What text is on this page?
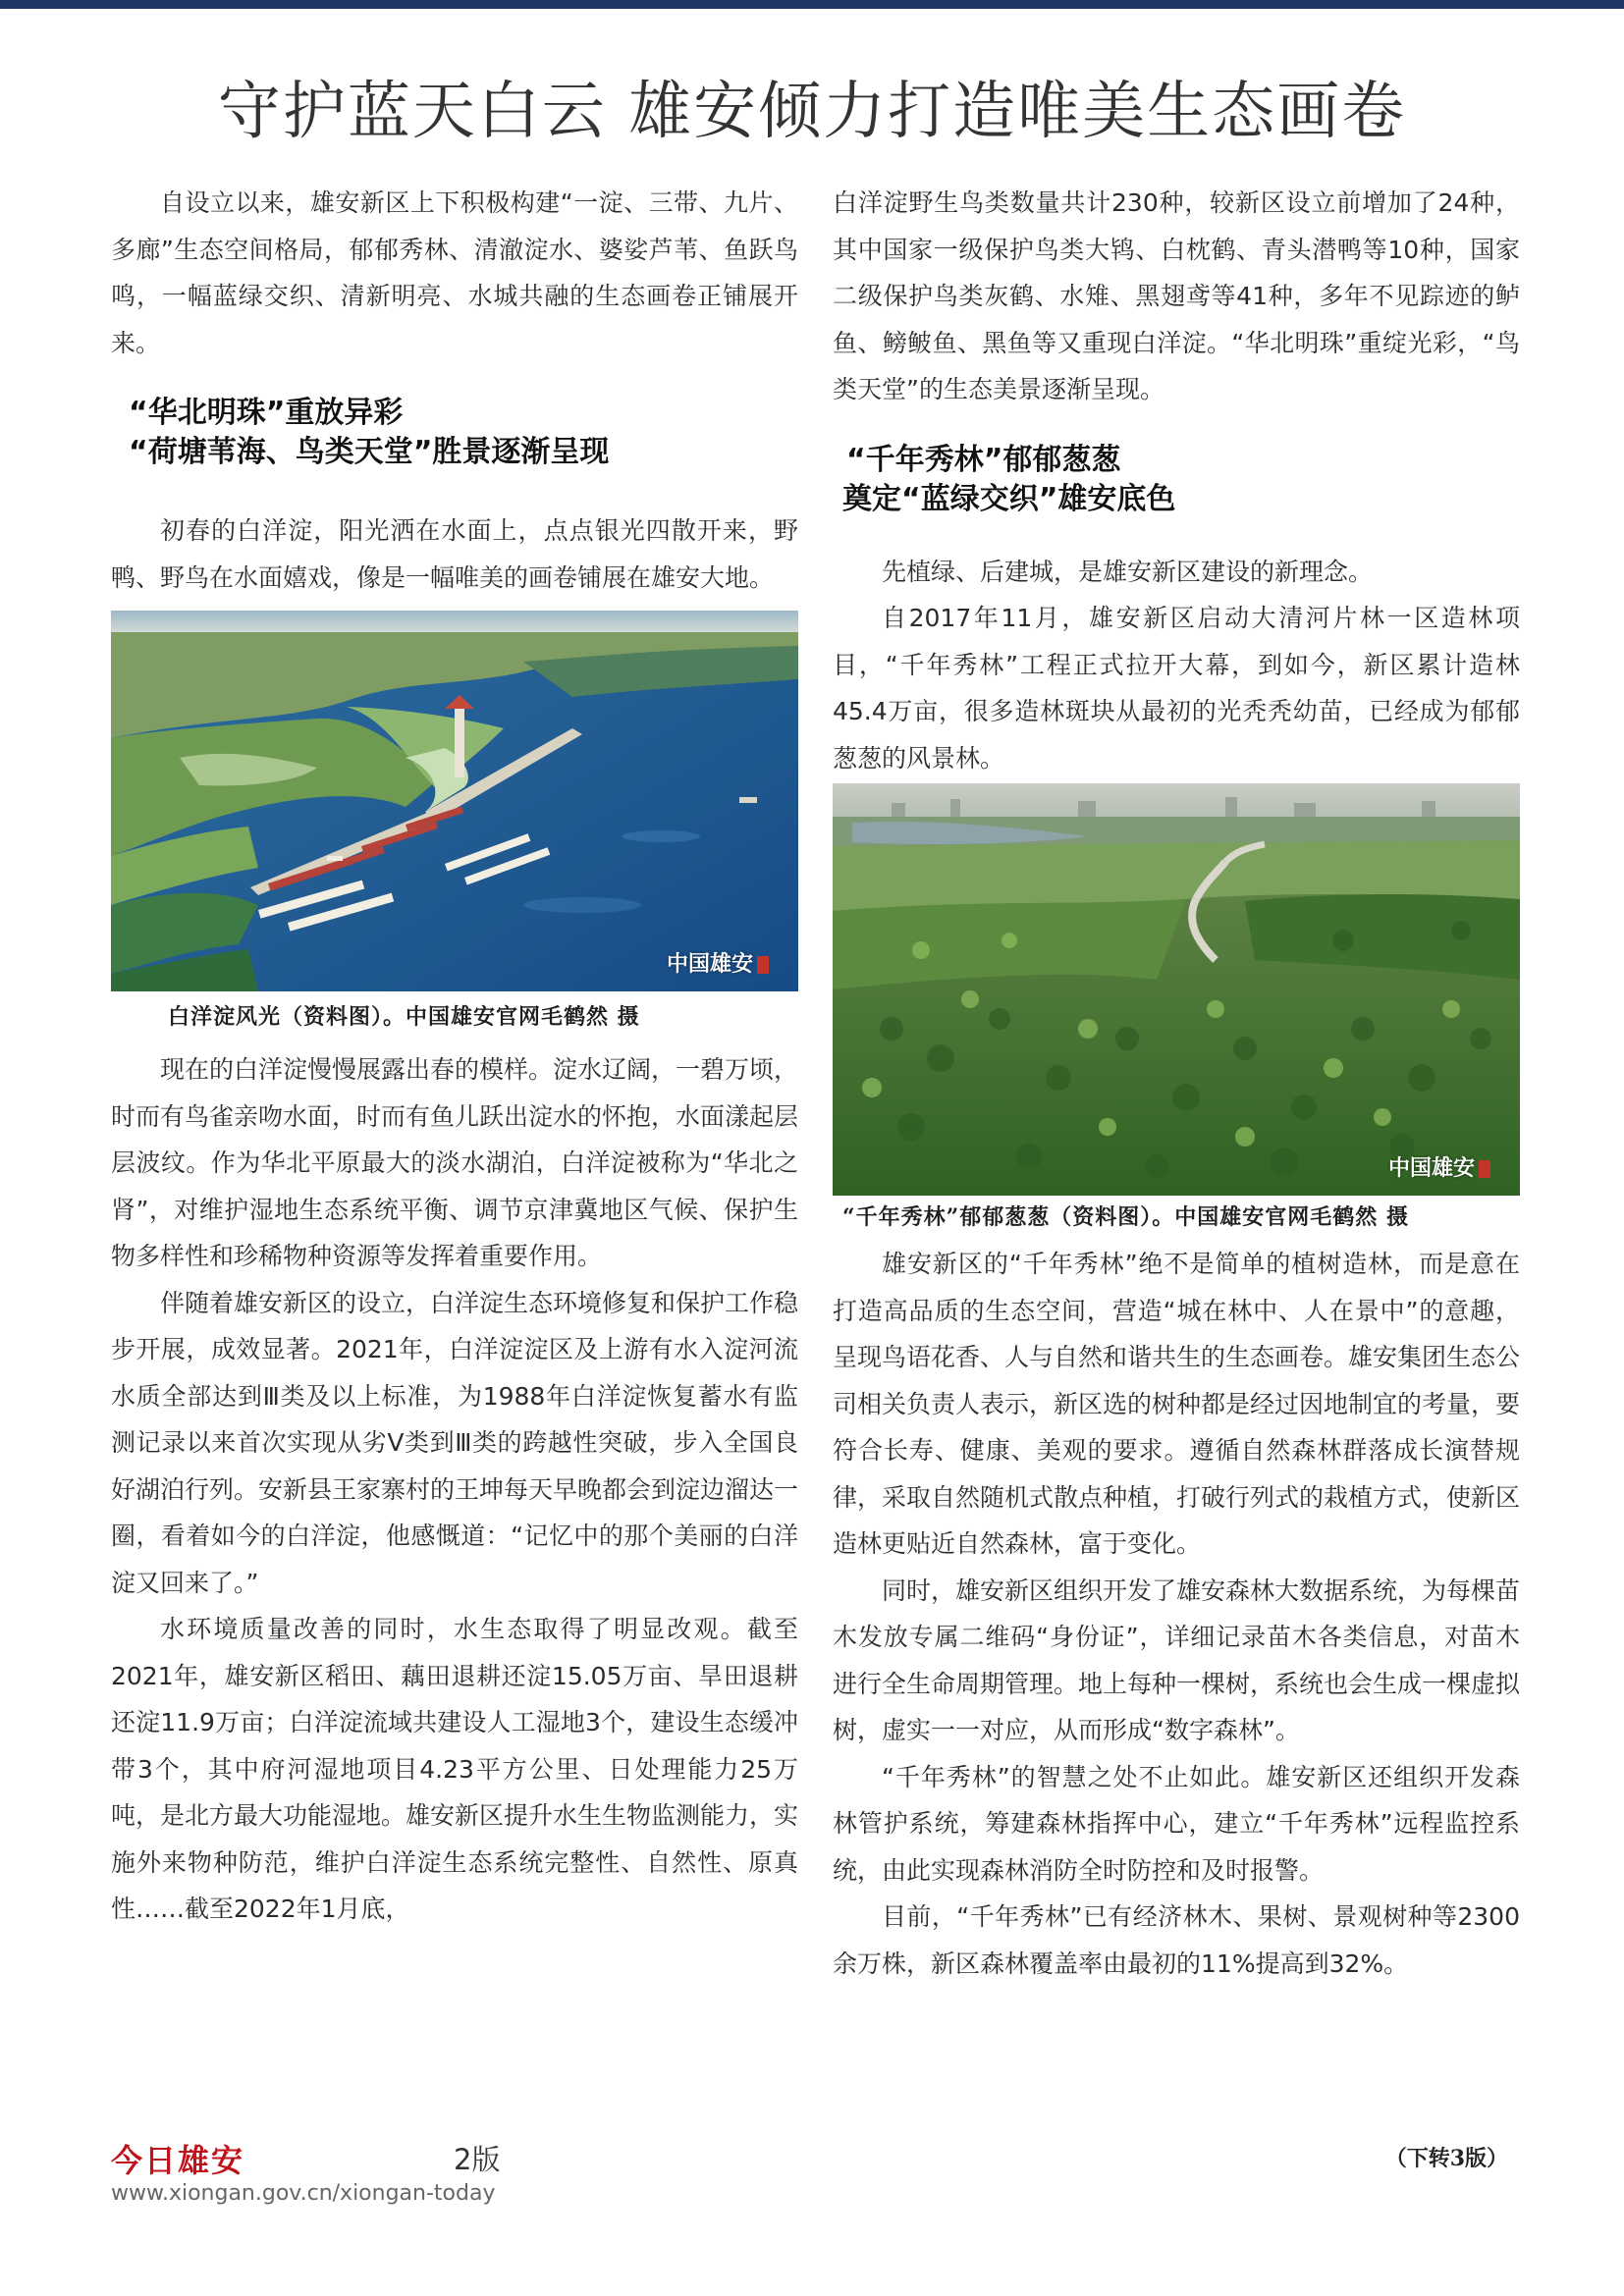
守护蓝天白云 雄安倾力打造唯美生态画卷

自设立以来，雄安新区上下积极构建“一淀、三带、九片、多廊”生态空间格局，郁郁秀林、清澈淀水、婆娑芦苇、鱼跃鸟鸣，一幅蓝绿交织、清新明亮、水城共融的生态画卷正铺展开来。

“华北明珠”重放异彩
“荷塘苇海、鸟类天堂”胜景逐渐呈现

初春的白洋淀，阳光洒在水面上，点点银光四散开来，野鸭、野鸟在水面嬉戏，像是一幅唯美的画卷铺展在雄安大地。

中国雄安
白洋淀风光（资料图）。中国雄安官网毛鹤然 摄

现在的白洋淀慢慢展露出春的模样。淀水辽阔，一碧万顷，时而有鸟雀亲吻水面，时而有鱼儿跃出淀水的怀抱，水面漾起层层波纹。作为华北平原最大的淡水湖泊，白洋淀被称为“华北之肾”，对维护湿地生态系统平衡、调节京津冀地区气候、保护生物多样性和珍稀物种资源等发挥着重要作用。

伴随着雄安新区的设立，白洋淀生态环境修复和保护工作稳步开展，成效显著。2021年，白洋淀淀区及上游有水入淀河流水质全部达到Ⅲ类及以上标准，为1988年白洋淀恢复蓄水有监测记录以来首次实现从劣Ⅴ类到Ⅲ类的跨越性突破，步入全国良好湖泊行列。安新县王家寨村的王坤每天早晚都会到淀边溜达一圈，看着如今的白洋淀，他感慨道：“记忆中的那个美丽的白洋淀又回来了。”

水环境质量改善的同时，水生态取得了明显改观。截至2021年，雄安新区稻田、藕田退耕还淀15.05万亩、旱田退耕还淀11.9万亩；白洋淀流域共建设人工湿地3个，建设生态缓冲带3个，其中府河湿地项目4.23平方公里、日处理能力25万吨，是北方最大功能湿地。雄安新区提升水生生物监测能力，实施外来物种防范，维护白洋淀生态系统完整性、自然性、原真性……截至2022年1月底，

白洋淀野生鸟类数量共计230种，较新区设立前增加了24种，其中国家一级保护鸟类大鸨、白枕鹤、青头潜鸭等10种，国家二级保护鸟类灰鹤、水雉、黑翅鸢等41种，多年不见踪迹的鲈鱼、鳑鲏鱼、黑鱼等又重现白洋淀。“华北明珠”重绽光彩，“鸟类天堂”的生态美景逐渐呈现。

“千年秀林”郁郁葱葱
奠定“蓝绿交织”雄安底色

先植绿、后建城，是雄安新区建设的新理念。

自2017年11月，雄安新区启动大清河片林一区造林项目，“千年秀林”工程正式拉开大幕，到如今，新区累计造林45.4万亩，很多造林斑块从最初的光秃秃幼苗，已经成为郁郁葱葱的风景林。

中国雄安
“千年秀林”郁郁葱葱（资料图）。中国雄安官网毛鹤然 摄

雄安新区的“千年秀林”绝不是简单的植树造林，而是意在打造高品质的生态空间，营造“城在林中、人在景中”的意趣，呈现鸟语花香、人与自然和谐共生的生态画卷。雄安集团生态公司相关负责人表示，新区选的树种都是经过因地制宜的考量，要符合长寿、健康、美观的要求。遵循自然森林群落成长演替规律，采取自然随机式散点种植，打破行列式的栽植方式，使新区造林更贴近自然森林，富于变化。

同时，雄安新区组织开发了雄安森林大数据系统，为每棵苗木发放专属二维码“身份证”，详细记录苗木各类信息，对苗木进行全生命周期管理。地上每种一棵树，系统也会生成一棵虚拟树，虚实一一对应，从而形成“数字森林”。

“千年秀林”的智慧之处不止如此。雄安新区还组织开发森林管护系统，筹建森林指挥中心，建立“千年秀林”远程监控系统，由此实现森林消防全时防控和及时报警。

目前，“千年秀林”已有经济林木、果树、景观树种等2300余万株，新区森林覆盖率由最初的11%提高到32%。

今日雄安	2版
www.xiongan.gov.cn/xiongan-today
（下转3版）
